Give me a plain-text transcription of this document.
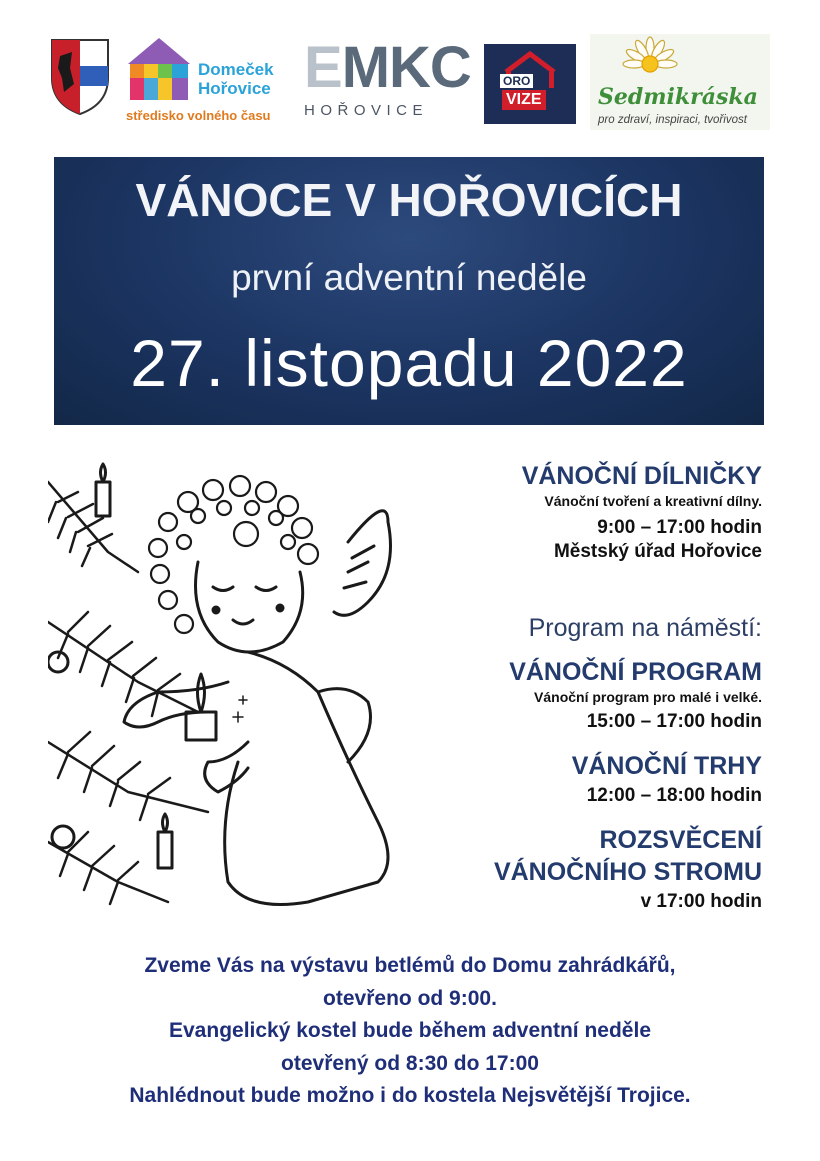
Domeček
Hořovice
středisko volného času
EMKC
HOŘOVICE
ORO
VIZE	Sedmikráska
pro zdraví, inspiraci, tvořivost
VÁNOCE V HOŘOVICÍCH
první adventní neděle
27. listopadu 2022
VÁNOČNÍ DÍLNIČKY
Vánoční tvoření a kreativní dílny.
9:00 – 17:00 hodin
Městský úřad Hořovice
Program na náměstí:
VÁNOČNÍ PROGRAM
Vánoční program pro malé i velké.
15:00 – 17:00 hodin
VÁNOČNÍ TRHY
12:00 – 18:00 hodin
ROZSVĚCENÍ
VÁNOČNÍHO STROMU
v 17:00 hodin
Zveme Vás na výstavu betlémů do Domu zahrádkářů,
otevřeno od 9:00.
Evangelický kostel bude během adventní neděle
otevřený od 8:30 do 17:00
Nahlédnout bude možno i do kostela Nejsvětější Trojice.
